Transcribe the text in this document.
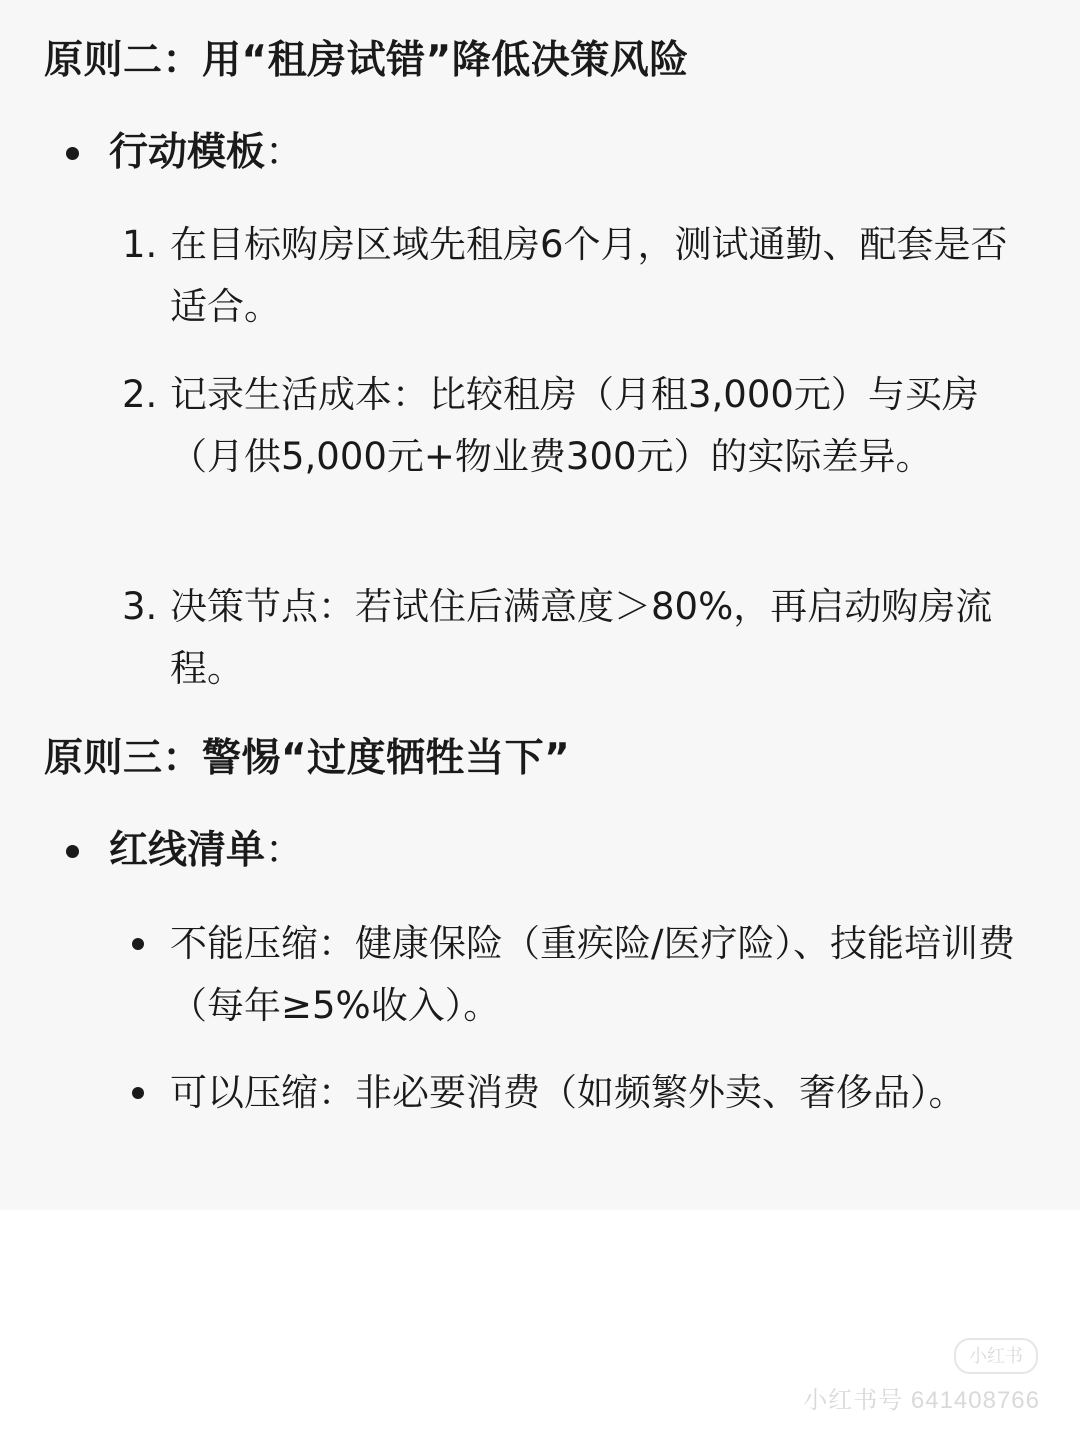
原则二：用“租房试错”降低决策风险
行动模板：
1. 在目标购房区域先租房6个月，测试通勤、配套是否适合。
2. 记录生活成本：比较租房（月租3,000元）与买房（月供5,000元+物业费300元）的实际差异。
3. 决策节点：若试住后满意度＞80%，再启动购房流程。
原则三：警惕“过度牺牲当下”
红线清单：
不能压缩：健康保险（重疾险/医疗险）、技能培训费（每年≥5%收入）。
可以压缩：非必要消费（如频繁外卖、奢侈品）。
小红书
小红书号 641408766
